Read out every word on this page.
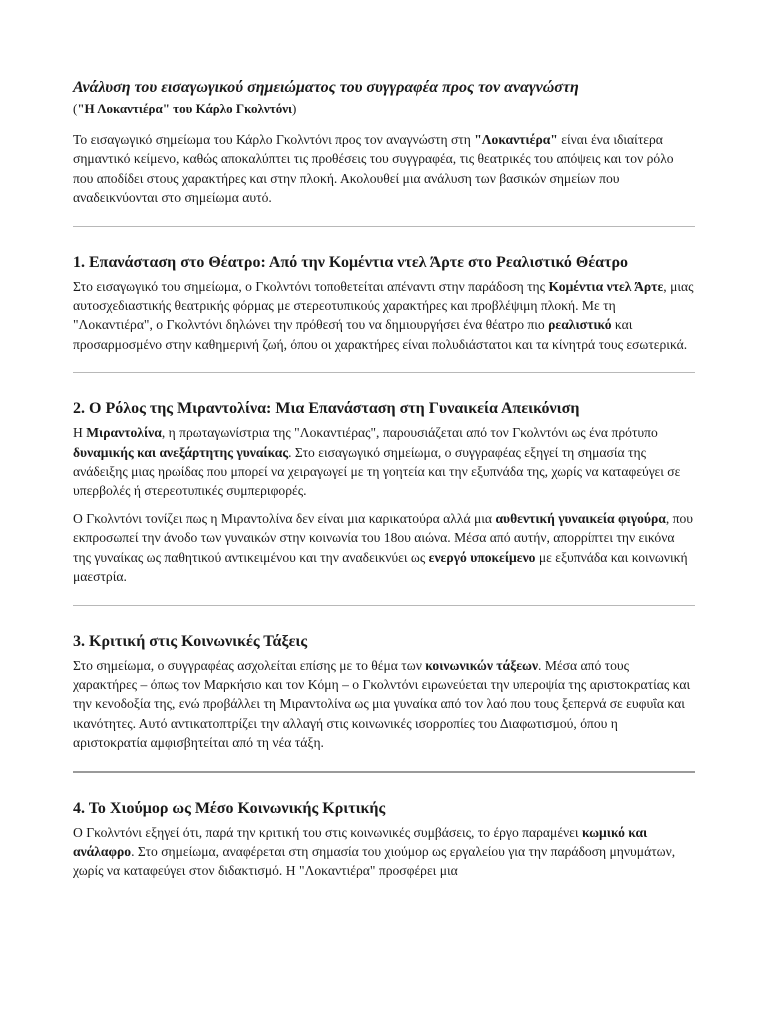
Ανάλυση του εισαγωγικού σημειώματος του συγγραφέα προς τον αναγνώστη
("Η Λοκαντιέρα" του Κάρλο Γκολντόνι)

Το εισαγωγικό σημείωμα του Κάρλο Γκολντόνι προς τον αναγνώστη στη "Λοκαντιέρα" είναι ένα ιδιαίτερα σημαντικό κείμενο, καθώς αποκαλύπτει τις προθέσεις του συγγραφέα, τις θεατρικές του απόψεις και τον ρόλο που αποδίδει στους χαρακτήρες και στην πλοκή. Ακολουθεί μια ανάλυση των βασικών σημείων που αναδεικνύονται στο σημείωμα αυτό.

1. Επανάσταση στο Θέατρο: Από την Κομέντια ντελ Άρτε στο Ρεαλιστικό Θέατρο

Στο εισαγωγικό του σημείωμα, ο Γκολντόνι τοποθετείται απέναντι στην παράδοση της Κομέντια ντελ Άρτε, μιας αυτοσχεδιαστικής θεατρικής φόρμας με στερεοτυπικούς χαρακτήρες και προβλέψιμη πλοκή. Με τη "Λοκαντιέρα", ο Γκολντόνι δηλώνει την πρόθεσή του να δημιουργήσει ένα θέατρο πιο ρεαλιστικό και προσαρμοσμένο στην καθημερινή ζωή, όπου οι χαρακτήρες είναι πολυδιάστατοι και τα κίνητρά τους εσωτερικά.

2. Ο Ρόλος της Μιραντολίνα: Μια Επανάσταση στη Γυναικεία Απεικόνιση

Η Μιραντολίνα, η πρωταγωνίστρια της "Λοκαντιέρας", παρουσιάζεται από τον Γκολντόνι ως ένα πρότυπο δυναμικής και ανεξάρτητης γυναίκας. Στο εισαγωγικό σημείωμα, ο συγγραφέας εξηγεί τη σημασία της ανάδειξης μιας ηρωίδας που μπορεί να χειραγωγεί με τη γοητεία και την εξυπνάδα της, χωρίς να καταφεύγει σε υπερβολές ή στερεοτυπικές συμπεριφορές.

Ο Γκολντόνι τονίζει πως η Μιραντολίνα δεν είναι μια καρικατούρα αλλά μια αυθεντική γυναικεία φιγούρα, που εκπροσωπεί την άνοδο των γυναικών στην κοινωνία του 18ου αιώνα. Μέσα από αυτήν, απορρίπτει την εικόνα της γυναίκας ως παθητικού αντικειμένου και την αναδεικνύει ως ενεργό υποκείμενο με εξυπνάδα και κοινωνική μαεστρία.

3. Κριτική στις Κοινωνικές Τάξεις

Στο σημείωμα, ο συγγραφέας ασχολείται επίσης με το θέμα των κοινωνικών τάξεων. Μέσα από τους χαρακτήρες – όπως τον Μαρκήσιο και τον Κόμη – ο Γκολντόνι ειρωνεύεται την υπεροψία της αριστοκρατίας και την κενοδοξία της, ενώ προβάλλει τη Μιραντολίνα ως μια γυναίκα από τον λαό που τους ξεπερνά σε ευφυΐα και ικανότητες. Αυτό αντικατοπτρίζει την αλλαγή στις κοινωνικές ισορροπίες του Διαφωτισμού, όπου η αριστοκρατία αμφισβητείται από τη νέα τάξη.

4. Το Χιούμορ ως Μέσο Κοινωνικής Κριτικής

Ο Γκολντόνι εξηγεί ότι, παρά την κριτική του στις κοινωνικές συμβάσεις, το έργο παραμένει κωμικό και ανάλαφρο. Στο σημείωμα, αναφέρεται στη σημασία του χιούμορ ως εργαλείου για την παράδοση μηνυμάτων, χωρίς να καταφεύγει στον διδακτισμό. Η "Λοκαντιέρα" προσφέρει μια
